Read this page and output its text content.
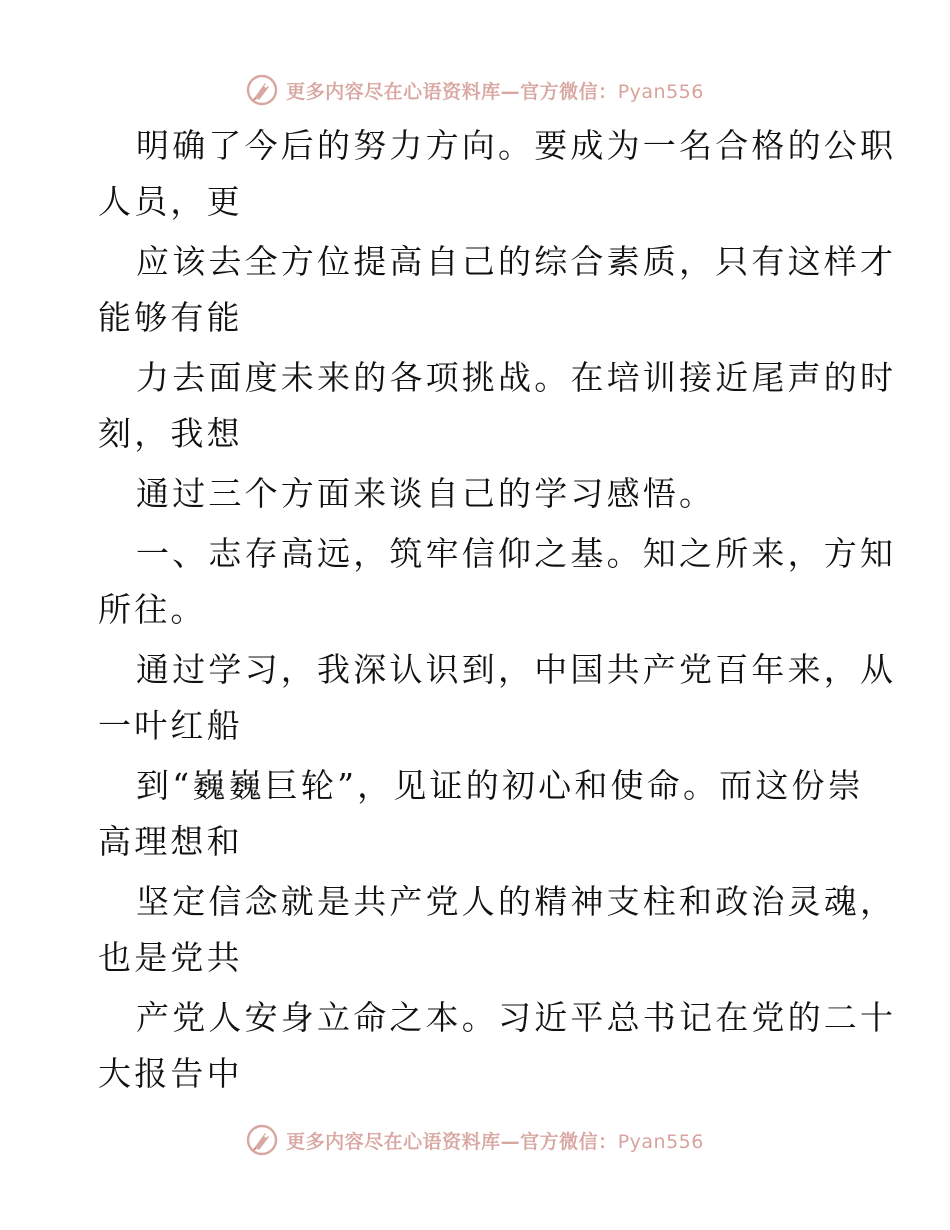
更多内容尽在心语资料库—官方微信：Pyan556
明确了今后的努力方向。要成为一名合格的公职
人员，更
应该去全方位提高自己的综合素质，只有这样才
能够有能
力去面度未来的各项挑战。在培训接近尾声的时
刻，我想
通过三个方面来谈自己的学习感悟。
一、志存高远，筑牢信仰之基。知之所来，方知
所往。
通过学习，我深认识到，中国共产党百年来，从
一叶红船
到“巍巍巨轮”，见证的初心和使命。而这份崇
高理想和
坚定信念就是共产党人的精神支柱和政治灵魂，
也是党共
产党人安身立命之本。习近平总书记在党的二十
大报告中
更多内容尽在心语资料库—官方微信：Pyan556
